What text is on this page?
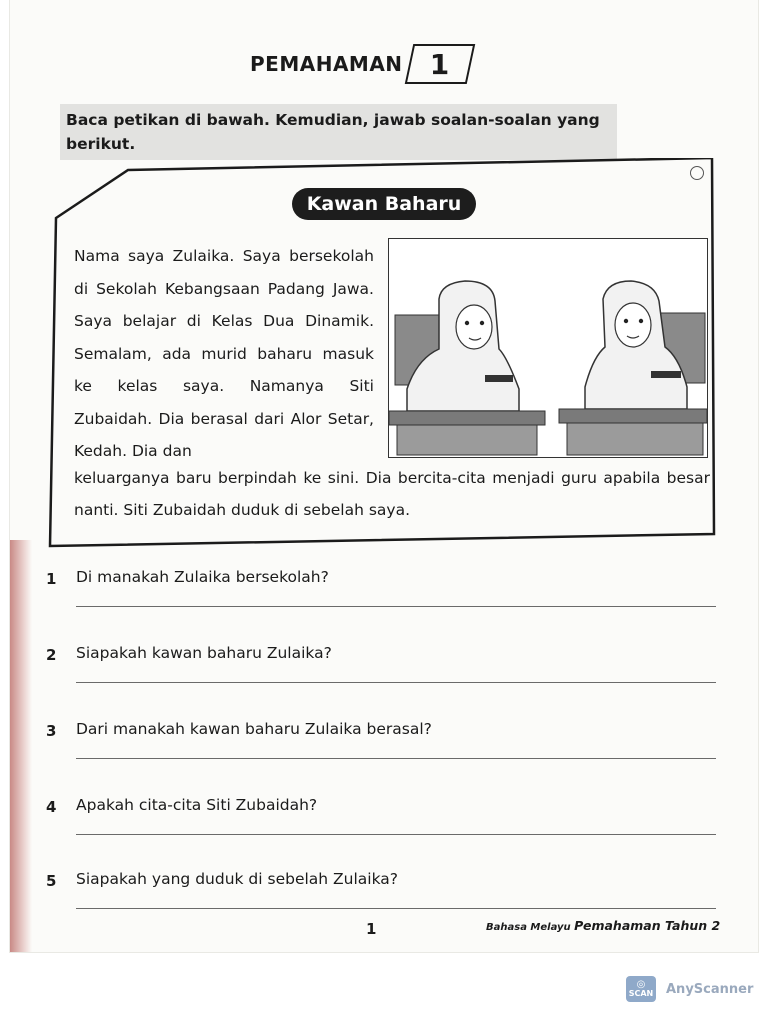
PEMAHAMAN 1
Baca petikan di bawah. Kemudian, jawab soalan-soalan yang berikut.
Kawan Baharu
Nama saya Zulaika. Saya bersekolah di Sekolah Kebangsaan Padang Jawa. Saya belajar di Kelas Dua Dinamik. Semalam, ada murid baharu masuk ke kelas saya. Namanya Siti Zubaidah. Dia berasal dari Alor Setar, Kedah. Dia dan
keluarganya baru berpindah ke sini. Dia bercita-cita menjadi guru apabila besar nanti. Siti Zubaidah duduk di sebelah saya.
1	Di manakah Zulaika bersekolah?
2	Siapakah kawan baharu Zulaika?
3	Dari manakah kawan baharu Zulaika berasal?
4	Apakah cita-cita Siti Zubaidah?
5	Siapakah yang duduk di sebelah Zulaika?
1	Bahasa Melayu Pemahaman Tahun 2
◎
SCAN AnyScanner
